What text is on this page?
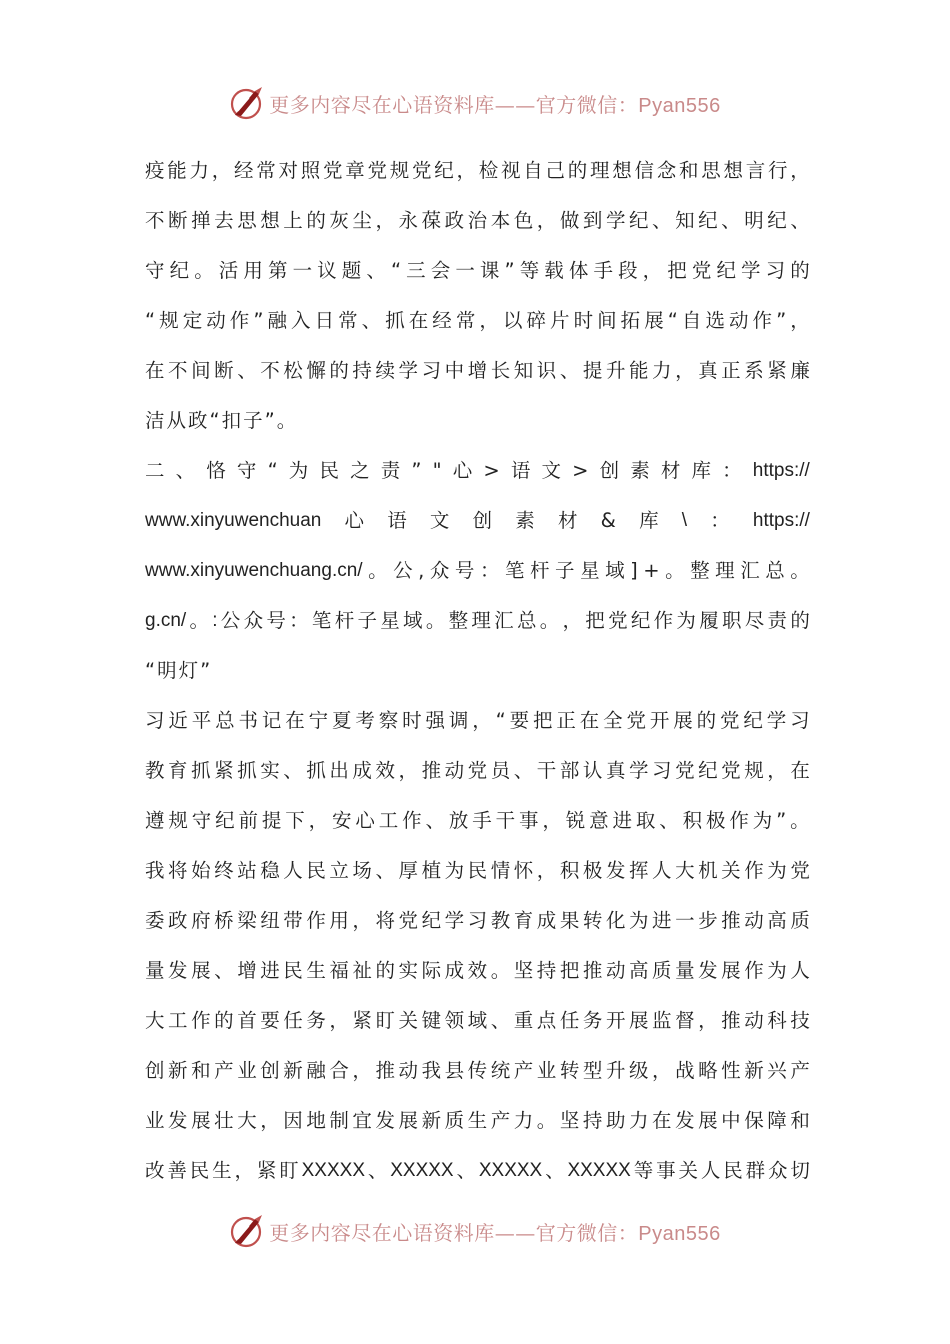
更多内容尽在心语资料库——官方微信：Pyan556
疫 能 力 ， 经 常 对 照 党 章 党 规 党 纪 ， 检 视 自 己 的 理 想 信 念 和 思 想 言 行 ，
不 断 掸 去 思 想 上 的 灰 尘 ， 永 葆 政 治 本 色 ， 做 到 学 纪 、 知 纪 、 明 纪 、
守 纪 。 活 用 第 一 议 题 、 “ 三 会 一 课 ” 等 载 体 手 段 ， 把 党 纪 学 习 的
“ 规 定 动 作 ” 融 入 日 常 、 抓 在 经 常 ， 以 碎 片 时 间 拓 展 “ 自 选 动 作 ” ，
在 不 间 断 、 不 松 懈 的 持 续 学 习 中 增 长 知 识 、 提 升 能 力 ， 真 正 系 紧 廉
洁从政“扣子”。
二 、 恪 守 “ 为 民 之 责 ” " 心 > 语 文 > 创 素 材 库 ： https://
www.xinyuwenchuan 心 语 文 创 素 材 & 库 \ ： https://
www.xinyuwenchuang.cn/ 。 公 , 众 号 ： 笔 杆 子 星 域 ] + 。 整 理 汇 总 。
g.cn/ 。 : 公 众 号 ： 笔 杆 子 星 域 。 整 理 汇 总 。 ， 把 党 纪 作 为 履 职 尽 责 的
“明灯”
习 近 平 总 书 记 在 宁 夏 考 察 时 强 调 ， “ 要 把 正 在 全 党 开 展 的 党 纪 学 习
教 育 抓 紧 抓 实 、 抓 出 成 效 ， 推 动 党 员 、 干 部 认 真 学 习 党 纪 党 规 ， 在
遵 规 守 纪 前 提 下 ， 安 心 工 作 、 放 手 干 事 ， 锐 意 进 取 、 积 极 作 为 ” 。
我 将 始 终 站 稳 人 民 立 场 、 厚 植 为 民 情 怀 ， 积 极 发 挥 人 大 机 关 作 为 党
委 政 府 桥 梁 纽 带 作 用 ， 将 党 纪 学 习 教 育 成 果 转 化 为 进 一 步 推 动 高 质
量 发 展 、 增 进 民 生 福 祉 的 实 际 成 效 。 坚 持 把 推 动 高 质 量 发 展 作 为 人
大 工 作 的 首 要 任 务 ， 紧 盯 关 键 领 域 、 重 点 任 务 开 展 监 督 ， 推 动 科 技
创 新 和 产 业 创 新 融 合 ， 推 动 我 县 传 统 产 业 转 型 升 级 ， 战 略 性 新 兴 产
业 发 展 壮 大 ， 因 地 制 宜 发 展 新 质 生 产 力 。 坚 持 助 力 在 发 展 中 保 障 和
改 善 民 生 ， 紧 盯 XXXXX 、 XXXXX 、 XXXXX 、 XXXXX 等 事 关 人 民 群 众 切
更多内容尽在心语资料库——官方微信：Pyan556
